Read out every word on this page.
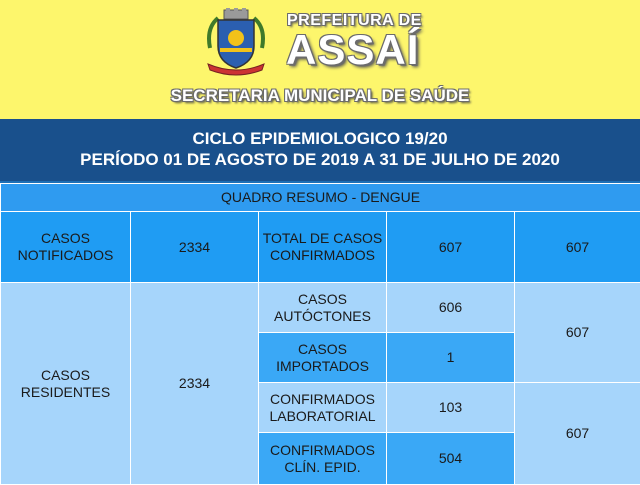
PREFEITURA DE
ASSAÍ
SECRETARIA MUNICIPAL DE SAÚDE
CICLO EPIDEMIOLOGICO 19/20
PERÍODO 01 DE AGOSTO DE 2019 A 31 DE JULHO DE 2020
QUADRO RESUMO - DENGUE				
CASOS NOTIFICADOS	2334	TOTAL DE CASOS CONFIRMADOS	607	607
CASOS RESIDENTES	2334	CASOS AUTÓCTONES	606	607
		CASOS IMPORTADOS	1	
		CONFIRMADOS LABORATORIAL	103	607
		CONFIRMADOS CLÍN. EPID.	504	
